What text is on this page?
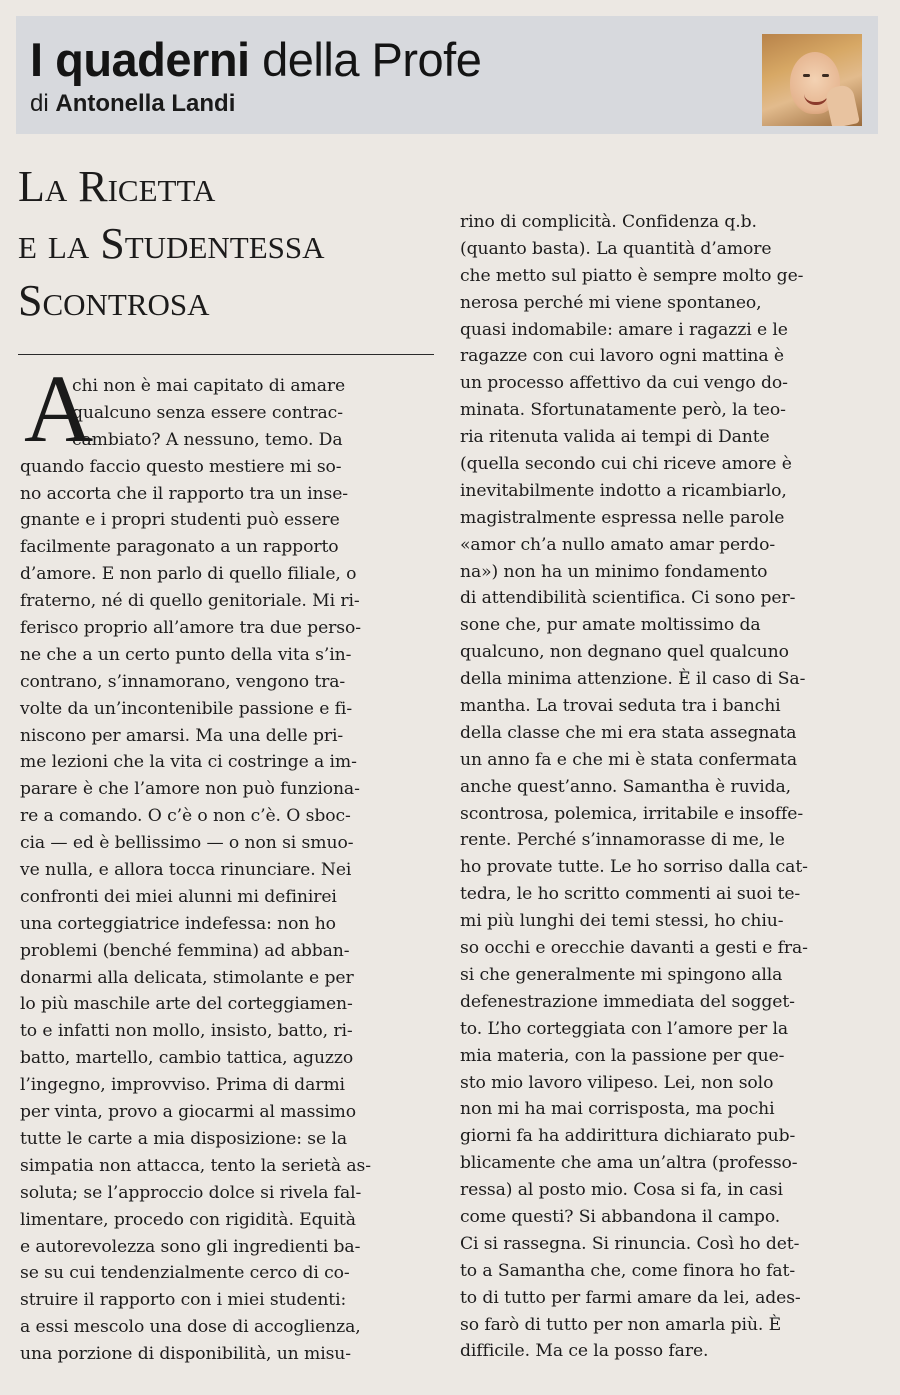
I quaderni della Profe
di Antonella Landi
La Ricetta
e la Studentessa
Scontrosa
A
chi non è mai capitato di amare
qualcuno senza essere contrac-
cambiato? A nessuno, temo. Da
quando faccio questo mestiere mi so-
no accorta che il rapporto tra un inse-
gnante e i propri studenti può essere
facilmente paragonato a un rapporto
d’amore. E non parlo di quello filiale, o
fraterno, né di quello genitoriale. Mi ri-
ferisco proprio all’amore tra due perso-
ne che a un certo punto della vita s’in-
contrano, s’innamorano, vengono tra-
volte da un’incontenibile passione e fi-
niscono per amarsi. Ma una delle pri-
me lezioni che la vita ci costringe a im-
parare è che l’amore non può funziona-
re a comando. O c’è o non c’è. O sboc-
cia — ed è bellissimo — o non si smuo-
ve nulla, e allora tocca rinunciare. Nei
confronti dei miei alunni mi definirei
una corteggiatrice indefessa: non ho
problemi (benché femmina) ad abban-
donarmi alla delicata, stimolante e per
lo più maschile arte del corteggiamen-
to e infatti non mollo, insisto, batto, ri-
batto, martello, cambio tattica, aguzzo
l’ingegno, improvviso. Prima di darmi
per vinta, provo a giocarmi al massimo
tutte le carte a mia disposizione: se la
simpatia non attacca, tento la serietà as-
soluta; se l’approccio dolce si rivela fal-
limentare, procedo con rigidità. Equità
e autorevolezza sono gli ingredienti ba-
se su cui tendenzialmente cerco di co-
struire il rapporto con i miei studenti:
a essi mescolo una dose di accoglienza,
una porzione di disponibilità, un misu-
rino di complicità. Confidenza q.b.
(quanto basta). La quantità d’amore
che metto sul piatto è sempre molto ge-
nerosa perché mi viene spontaneo,
quasi indomabile: amare i ragazzi e le
ragazze con cui lavoro ogni mattina è
un processo affettivo da cui vengo do-
minata. Sfortunatamente però, la teo-
ria ritenuta valida ai tempi di Dante
(quella secondo cui chi riceve amore è
inevitabilmente indotto a ricambiarlo,
magistralmente espressa nelle parole
«amor ch’a nullo amato amar perdo-
na») non ha un minimo fondamento
di attendibilità scientifica. Ci sono per-
sone che, pur amate moltissimo da
qualcuno, non degnano quel qualcuno
della minima attenzione. È il caso di Sa-
mantha. La trovai seduta tra i banchi
della classe che mi era stata assegnata
un anno fa e che mi è stata confermata
anche quest’anno. Samantha è ruvida,
scontrosa, polemica, irritabile e insoffe-
rente. Perché s’innamorasse di me, le
ho provate tutte. Le ho sorriso dalla cat-
tedra, le ho scritto commenti ai suoi te-
mi più lunghi dei temi stessi, ho chiu-
so occhi e orecchie davanti a gesti e fra-
si che generalmente mi spingono alla
defenestrazione immediata del sogget-
to. L’ho corteggiata con l’amore per la
mia materia, con la passione per que-
sto mio lavoro vilipeso. Lei, non solo
non mi ha mai corrisposta, ma pochi
giorni fa ha addirittura dichiarato pub-
blicamente che ama un’altra (professo-
ressa) al posto mio. Cosa si fa, in casi
come questi? Si abbandona il campo.
Ci si rassegna. Si rinuncia. Così ho det-
to a Samantha che, come finora ho fat-
to di tutto per farmi amare da lei, ades-
so farò di tutto per non amarla più. È
difficile. Ma ce la posso fare.
